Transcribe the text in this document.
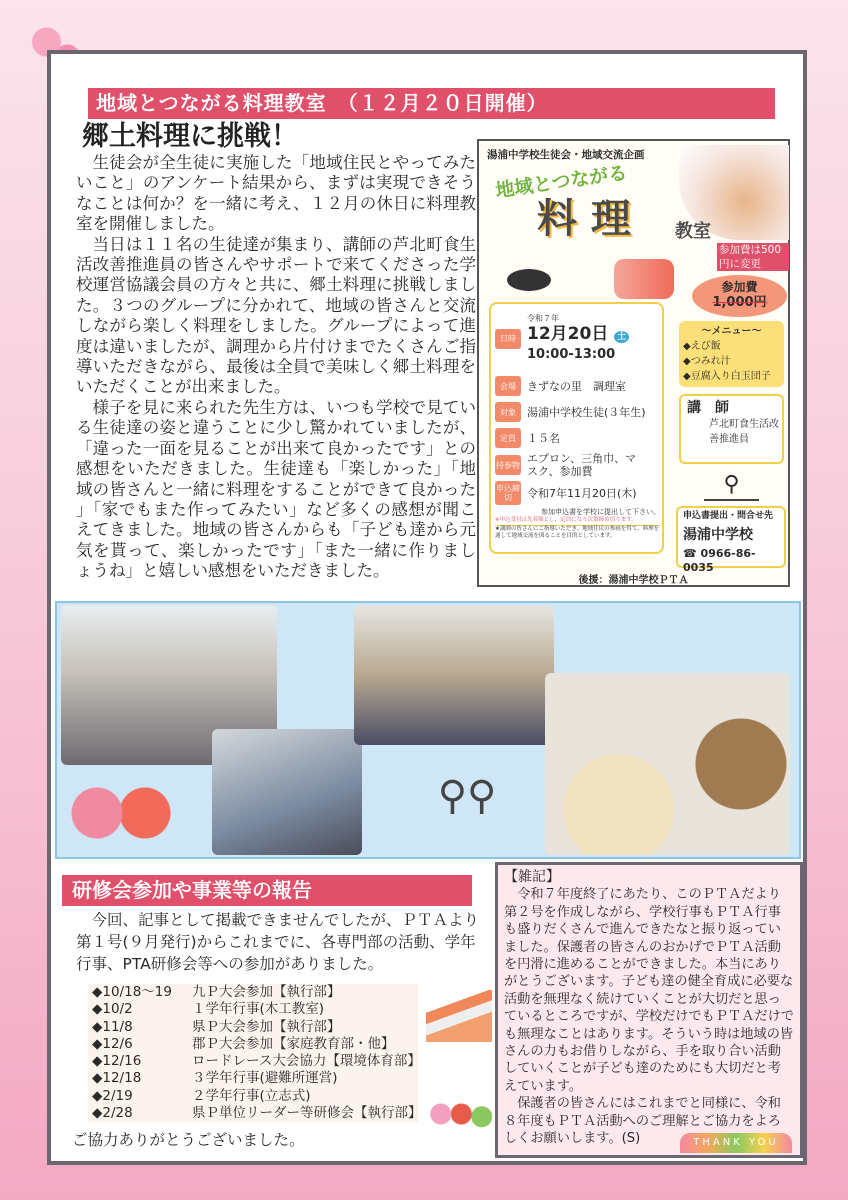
地域とつながる料理教室　（１２月２０日開催）
郷土料理に挑戦！

生徒会が全生徒に実施した「地域住民とやってみたいこと」のアンケート結果から、まずは実現できそうなことは何か？を一緒に考え、１２月の休日に料理教室を開催しました。

当日は１１名の生徒達が集まり、講師の芦北町食生活改善推進員の皆さんやサポートで来てくださった学校運営協議会員の方々と共に、郷土料理に挑戦しました。３つのグループに分かれて、地域の皆さんと交流しながら楽しく料理をしました。グループによって進度は違いましたが、調理から片付けまでたくさんご指導いただきながら、最後は全員で美味しく郷土料理をいただくことが出来ました。

様子を見に来られた先生方は、いつも学校で見ている生徒達の姿と違うことに少し驚かれていましたが、「違った一面を見ることが出来て良かったです」との感想をいただきました。生徒達も「楽しかった」「地域の皆さんと一緒に料理をすることができて良かった」「家でもまた作ってみたい」など多くの感想が聞こえてきました。地域の皆さんからも「子ども達から元気を貰って、楽しかったです」「また一緒に作りましょうね」と嬉しい感想をいただきました。

湯浦中学校生徒会・地域交流企画
地域とつながる
料 理 教室
参加費は500円に変更
参加費
1,000円
日時
令和７年
12月20日 土
10:00-13:00
会場	きずなの里　調理室
対象	湯浦中学校生徒(３年生)
定員	１５名
持参物 エプロン、三角巾、マスク、参加費
申込締切	令和7年11月20日(木)
参加申込書を学校に提出して下さい。
※申込受付は先着順とし、定員になり次第締め切ります。
★講師の皆さんにご指導いただき、地域住民の参画を得て、料理を通して地域交流を図ることを目的としています。
～メニュー～
◆えび飯
◆つみれ汁
◆豆腐入り白玉団子
講　師
芦北町食生活改善推進員
⚲
申込書提出・問合せ先
湯浦中学校
☎ 0966-86-0035
後援：湯浦中学校ＰＴＡ
⚲⚲
研修会参加や事業等の報告

今回、記事として掲載できませんでしたが、ＰＴＡより第１号(９月発行)からこれまでに、各専門部の活動、学年行事、PTA研修会等への参加がありました。

◆10/18～19	九Ｐ大会参加【執行部】
◆10/2	１学年行事(木工教室)
◆11/8	県Ｐ大会参加【執行部】
◆12/6	郡Ｐ大会参加【家庭教育部・他】
◆12/16	ロードレース大会協力【環境体育部】
◆12/18	３学年行事(避難所運営)
◆2/19	２学年行事(立志式)
◆2/28	県Ｐ単位リーダー等研修会【執行部】
ご協力ありがとうございました。
【雑記】

令和７年度終了にあたり、このＰＴＡだより第２号を作成しながら、学校行事もＰＴＡ行事も盛りだくさんで進んできたなと振り返っていました。保護者の皆さんのおかげでＰＴＡ活動を円滑に進めることができました。本当にありがとうございます。子ども達の健全育成に必要な活動を無理なく続けていくことが大切だと思っているところですが、学校だけでもＰＴＡだけでも無理なことはあります。そういう時は地域の皆さんの力もお借りしながら、手を取り合い活動していくことが子ども達のためにも大切だと考えています。

保護者の皆さんにはこれまでと同様に、令和８年度もＰＴＡ活動へのご理解とご協力をよろしくお願いします。(S)	THANK YOU
